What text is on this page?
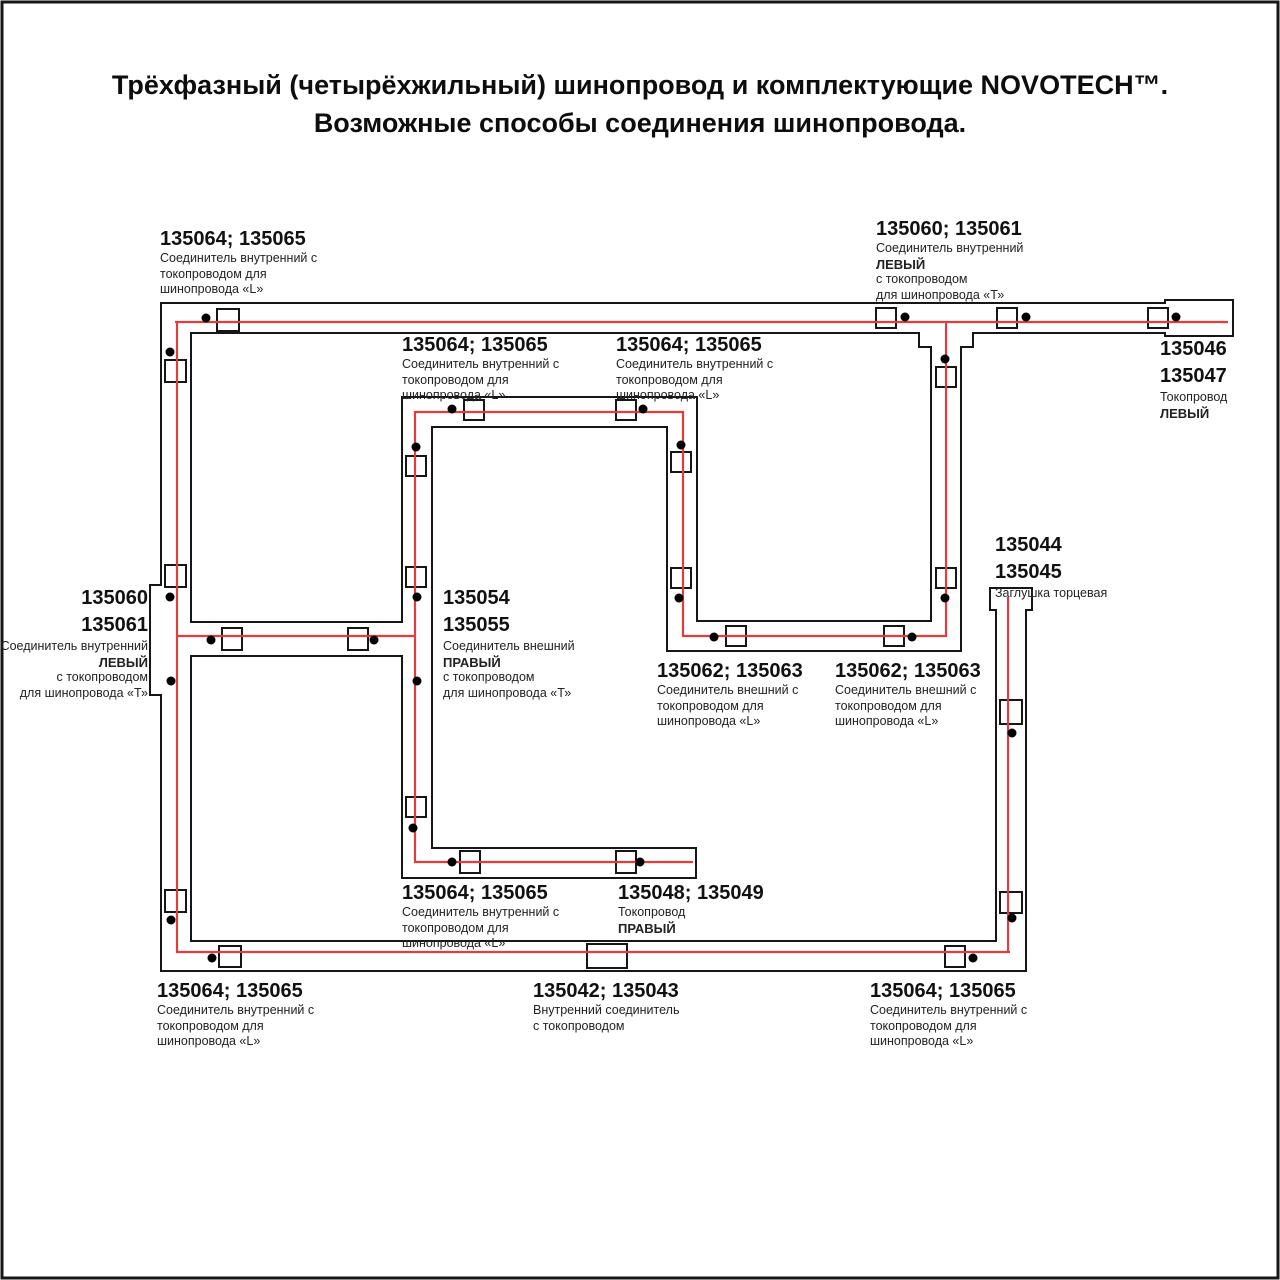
Трёхфазный (четырёхжильный) шинопровод и комплектующие NOVOTECH™.
Возможные способы соединения шинопровода.
135064; 135065
Соединитель внутренний с
токопроводом для
шинопровода «L»
135060; 135061
Соединитель внутренний
ЛЕВЫЙ
с токопроводом
для шинопровода «Т»
135046
135047
Токопровод
ЛЕВЫЙ
135064; 135065
Соединитель внутренний с
токопроводом для
шинопровода «L»
135064; 135065
Соединитель внутренний с
токопроводом для
шинопровода «L»
135060
135061
Соединитель внутренний
ЛЕВЫЙ
с токопроводом
для шинопровода «Т»
135054
135055
Соединитель внешний
ПРАВЫЙ
с токопроводом
для шинопровода «Т»
135062; 135063
Соединитель внешний с
токопроводом для
шинопровода «L»
135062; 135063
Соединитель внешний с
токопроводом для
шинопровода «L»
135044
135045
Заглушка торцевая
135064; 135065
Соединитель внутренний с
токопроводом для
шинопровода «L»
135048; 135049
Токопровод
ПРАВЫЙ
135064; 135065
Соединитель внутренний с
токопроводом для
шинопровода «L»
135042; 135043
Внутренний соединитель
с токопроводом
135064; 135065
Соединитель внутренний с
токопроводом для
шинопровода «L»
